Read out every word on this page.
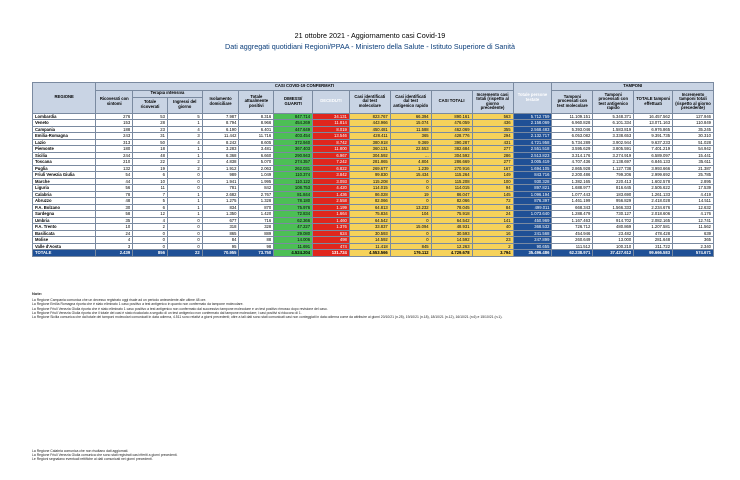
21 ottobre 2021 - Aggiornamento casi Covid-19
Dati aggregati quotidiani Regioni/PPAA - Ministero della Salute - Istituto Superiore di Sanità
REGIONE	CASI COVID-19 CONFERMATI											Totale persone testate	TAMPONI			
	Ricoverati con sintomi	Terapia intensiva		Isolamento domiciliare	Totale attualmente positivi	DIMESSI/ GUARITI	DECEDUTI	Casi identificati dal test molecolare	Casi identificati dal test antigenico rapido	CASI TOTALI	Incremento casi totali (rispetto al giorno precedente)		Tamponi processati con test molecolare	Tamponi processati con test antigenico rapido	TOTALE tamponi effettuati	Incremento tamponi totali (rispetto al giorno precedente)
		Totale ricoverati	Ingressi del giorno													
Lombardia	276	53	5	7.987	8.316	847.714	34.131	823.767	66.394	890.161	563	5.712.759	11.109.151	5.348.371	16.457.562	127.946
Veneto	153	28	1	8.794	8.966	454.269	11.814	443.966	15.074	476.059	436	2.158.069	6.960.828	6.101.334	13.071.163	110.849
Campania	188	23	4	6.190	6.401	447.649	8.019	450.481	11.588	462.069	355	2.568.483	5.393.046	1.583.819	6.976.865	35.245
Emilia-Romagna	243	31	3	11.442	11.716	403.454	13.546	428.411	365	428.776	294	2.132.717	6.053.082	3.338.653	9.391.735	30.310
Lazio	313	50	4	8.242	8.605	372.940	8.742	380.918	9.369	390.287	431	4.721.958	5.734.289	3.902.944	9.637.233	51.028
Piemonte	180	18	1	3.283	3.481	367.403	11.800	360.131	22.553	382.684	277	2.551.518	3.595.629	3.805.591	7.401.219	54.942
Sicilia	244	48	1	6.368	6.660	290.943	6.967	304.592	...	304.592	286	2.513.823	3.314.176	3.274.919	6.589.097	15.441
Toscana	210	22	2	4.838	5.070	274.357	7.242	281.865	4.804	286.669	277	3.005.419	4.707.436	2.138.697	6.846.133	35.611
Puglia	132	19	2	1.912	2.063	262.031	6.822	269.677	1.239	270.916	167	1.694.105	2.865.928	1.127.738	3.993.666	21.387
Friuli Venezia Giulia	54	6	0	989	1.049	110.374	3.842	99.830	15.434	115.264	149	843.716	2.200.486	799.206	2.999.692	25.785
Marche	44	10	0	1.941	1.995	110.122	3.093	115.208	0	115.208	100	930.328	1.382.165	220.413	1.602.578	2.895
Liguria	56	11	0	781	842	108.753	4.420	114.015	0	114.015	94	897.821	1.688.977	816.645	2.505.622	17.539
Calabria	78	7	1	2.682	2.767	81.844	1.436	86.028	19	86.047	145	1.096.194	1.077.443	183.690	1.261.133	4.419
Abruzzo	48	5	1	1.275	1.328	78.180	2.558	82.066	0	82.066	72	876.397	1.461.199	956.829	2.418.028	14.511
P.A. Bolzano	30	6	1	834	870	75.976	1.199	64.813	13.232	78.045	84	499.011	668.343	1.566.333	2.234.676	12.632
Sardegna	58	12	1	1.350	1.420	72.834	1.664	75.834	104	75.918	24	1.073.640	1.288.479	730.127	2.018.606	4.176
Umbria	35	4	0	677	716	62.366	1.460	64.542	0	64.542	141	450.969	1.167.463	914.702	2.082.165	12.741
P.A. Trento	10	2	0	318	328	47.227	1.376	33.837	15.094	48.931	40	368.532	726.712	480.869	1.207.581	11.562
Basilicata	24	0	0	865	889	29.080	624	30.593	0	30.593	16	241.568	454.946	23.482	478.428	639
Molise	4	0	0	84	88	14.006	498	14.592	0	14.592	23	247.899	260.649	13.000	281.648	365
Valle d'Aosta	3	0	0	95	98	11.691	474	11.418	845	12.263	2	90.655	111.512	100.210	211.722	2.340
TOTALE	2.439	856	22	70.955	73.750	4.524.204	131.724	4.553.566	176.112	4.729.678	3.794	35.496.486	62.238.971	37.427.612	99.666.583	574.671
Note:
La Regione Campania comunica che un decesso registrato oggi risale ad un periodo antecedente alle ultime 48 ore.
La Regione Emilia Romagna riporta che è stato eliminato 1 caso positivo a test antigenico in quanto non confermato da tampone molecolare.
La Regione Friuli Venezia Giulia riporta che è stato eliminato 1 caso positivo a test antigenico non confermato dal successivo tampone molecolare e un test positivo rimosso dopo revisione del caso.
La Regione Friuli Venezia Giulia riporta che il totale dei casi è stato ricalcolato a seguito di un test antigenico non confermato dal tampone molecolare; i casi positivi si riducono di 1.
La Regione Sicilia comunica che dal totale dei tamponi molecolari comunicati in data odierna, 4.511 sono relativi a giorni precedenti; oltre a tali dati sono stati comunicati casi non conteggiati in data odierna come da attribuire ai giorni 20/10/21 (n.25), 19/10/21 (n.18), 18/10/21 (n.12), 16/10/21 (n.6) e 15/10/21 (n.1).
La Regione Calabria comunica che non risultano dati aggiornati.
La Regione Friuli Venezia Giulia comunica che sono stati registrati casi riferiti a giorni precedenti.
Le Regioni segnalano eventuali rettifiche ai dati comunicati nei giorni precedenti.
